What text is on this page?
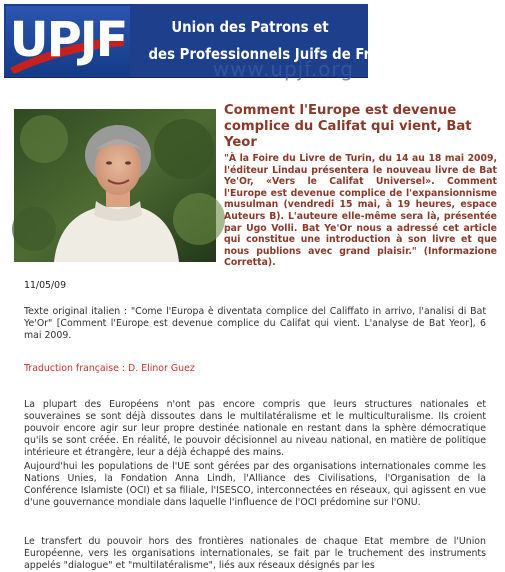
UPJF	Union des Patrons et
des Professionnels Juifs de France
www.upjf.org
Comment l'Europe est devenue complice du Califat qui vient, Bat Yeor
"À la Foire du Livre de Turin, du 14 au 18 mai 2009, l'éditeur Lindau présentera le nouveau livre de Bat Ye'Or, «Vers le Califat Universel». Comment l'Europe est devenue complice de l'expansionnisme musulman (vendredi 15 mai, à 19 heures, espace Auteurs B). L'auteure elle-même sera là, présentée par Ugo Volli. Bat Ye'Or nous a adressé cet article qui constitue une introduction à son livre et que nous publions avec grand plaisir." (Informazione Corretta).
11/05/09
Texte original italien : "Come l'Europa è diventata complice del Califfato in arrivo, l'analisi di Bat Ye'Or" [Comment l'Europe est devenue complice du Califat qui vient. L'analyse de Bat Yeor], 6 mai 2009.
Traduction française : D. Elinor Guez
La plupart des Européens n'ont pas encore compris que leurs structures nationales et souveraines se sont déjà dissoutes dans le multilatéralisme et le multiculturalisme. Ils croient pouvoir encore agir sur leur propre destinée nationale en restant dans la sphère démocratique qu'ils se sont créée. En réalité, le pouvoir décisionnel au niveau national, en matière de politique intérieure et étrangère, leur a déjà échappé des mains.
Aujourd'hui les populations de l'UE sont gérées par des organisations internationales comme les Nations Unies, la Fondation Anna Lindh, l'Alliance des Civilisations, l'Organisation de la Conférence Islamiste (OCI) et sa filiale, l'ISESCO, interconnectées en réseaux, qui agissent en vue d'une gouvernance mondiale dans laquelle l'influence de l'OCI prédomine sur l'ONU.
Le transfert du pouvoir hors des frontières nationales de chaque Etat membre de l'Union Européenne, vers les organisations internationales, se fait par le truchement des instruments appelés "dialogue" et "multilatéralisme", liés aux réseaux désignés par les
